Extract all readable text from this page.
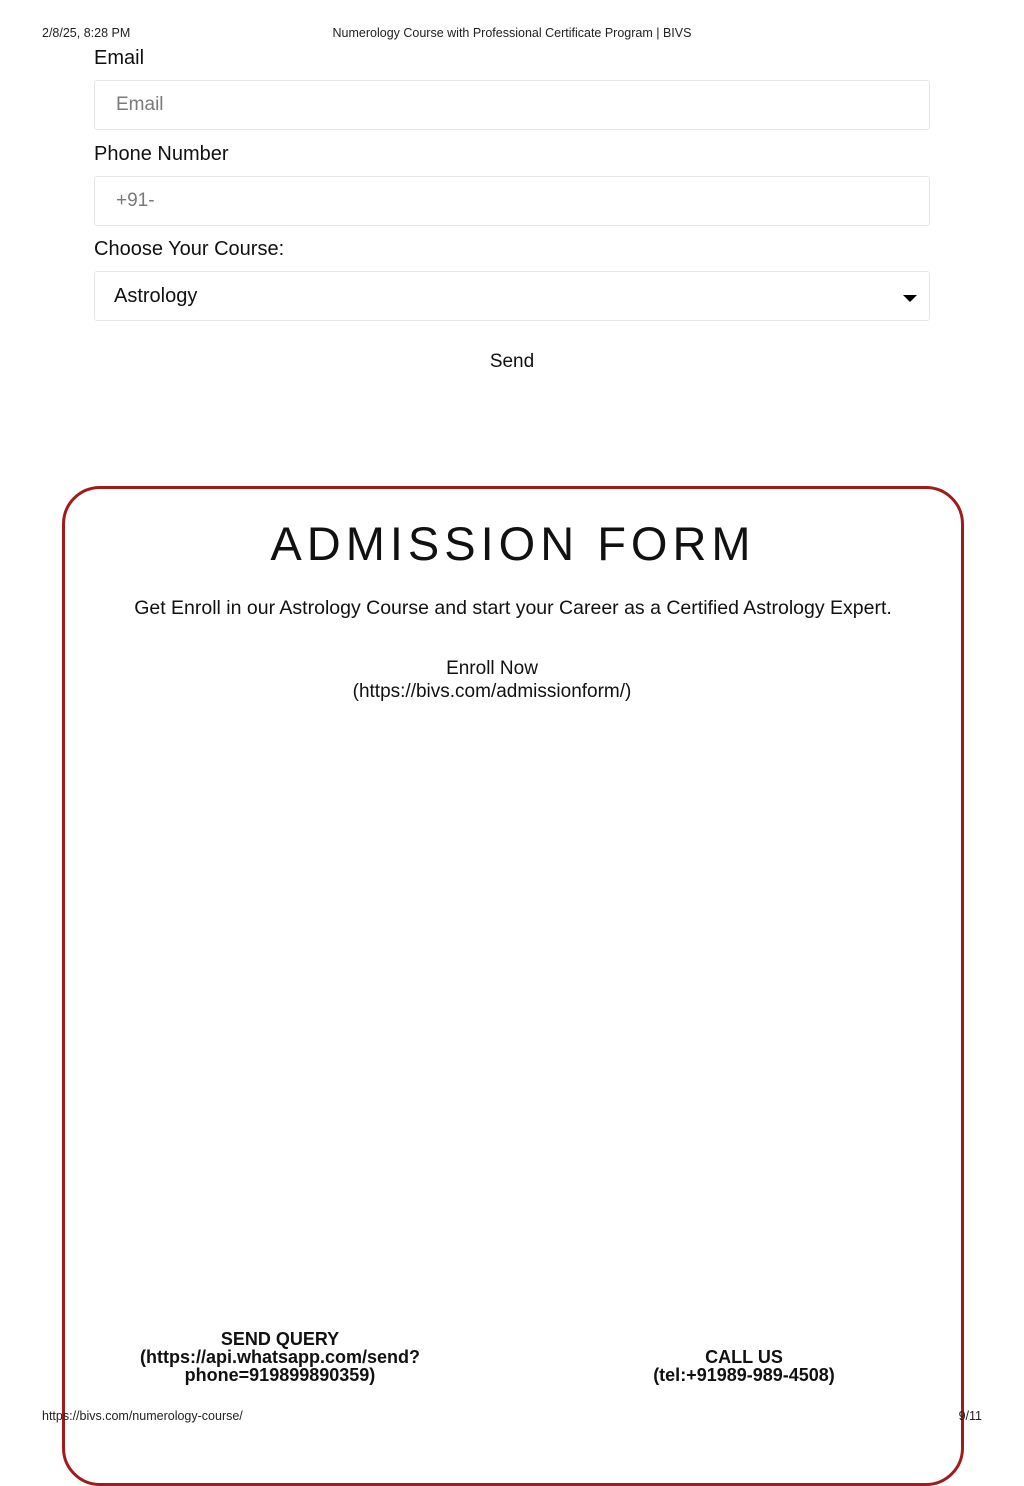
2/8/25, 8:28 PM	Numerology Course with Professional Certificate Program | BIVS
Email
Email
Phone Number
+91-
Choose Your Course:
Astrology
Send
ADMISSION FORM
Get Enroll in our Astrology Course and start your Career as a Certified Astrology Expert.
Enroll Now
(https://bivs.com/admissionform/)
SEND QUERY
(https://api.whatsapp.com/send?
phone=919899890359)
CALL US
(tel:+91989-989-4508)
https://bivs.com/numerology-course/	9/11
